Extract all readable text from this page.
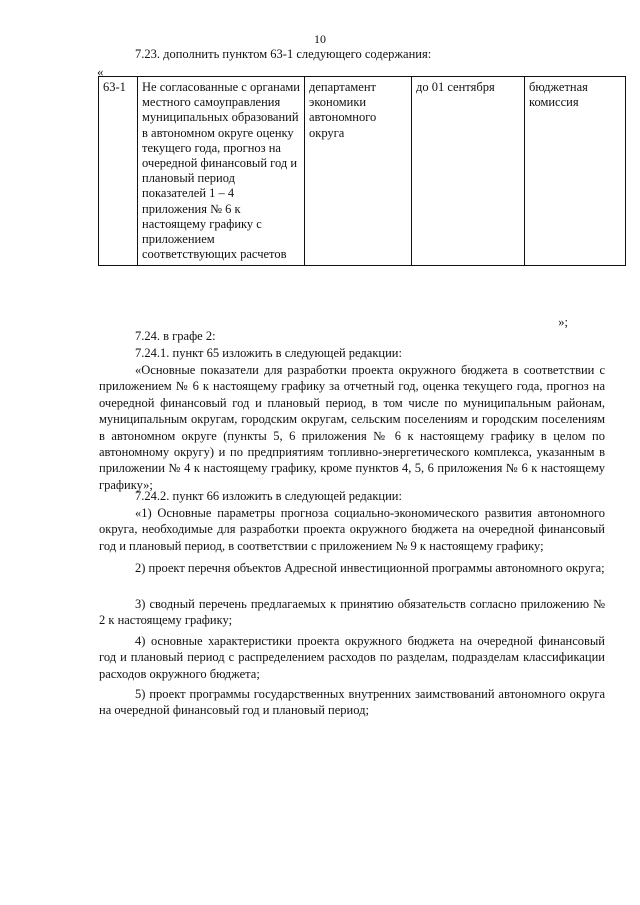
10
7.23. дополнить пунктом 63-1 следующего содержания:
«
63-1	Не согласованные с органами местного самоуправления муниципальных образований в автономном округе оценку текущего года, прогноз на очередной финансовый год и плановый период показателей 1 – 4 приложения № 6 к настоящему графику с приложением соответствующих расчетов	департамент экономики автономного округа	до 01 сентября	бюджетная комиссия
»;
7.24. в графе 2:
7.24.1. пункт 65 изложить в следующей редакции:
«Основные показатели для разработки проекта окружного бюджета в соответствии с приложением № 6 к настоящему графику за отчетный год, оценка текущего года, прогноз на очередной финансовый год и плановый период, в том числе по муниципальным районам, муниципальным округам, городским округам, сельским поселениям и городским поселениям в автономном округе (пункты 5, 6 приложения № 6 к настоящему графику в целом по автономному округу) и по предприятиям топливно-энергетического комплекса, указанным в приложении № 4 к настоящему графику, кроме пунктов 4, 5, 6 приложения № 6 к настоящему графику»;
7.24.2. пункт 66 изложить в следующей редакции:
«1) Основные параметры прогноза социально-экономического развития автономного округа, необходимые для разработки проекта окружного бюджета на очередной финансовый год и плановый период, в соответствии с приложением № 9 к настоящему графику;
2) проект перечня объектов Адресной инвестиционной программы автономного округа;
3) сводный перечень предлагаемых к принятию обязательств согласно приложению № 2 к настоящему графику;
4) основные характеристики проекта окружного бюджета на очередной финансовый год и плановый период с распределением расходов по разделам, подразделам классификации расходов окружного бюджета;
5) проект программы государственных внутренних заимствований автономного округа на очередной финансовый год и плановый период;
